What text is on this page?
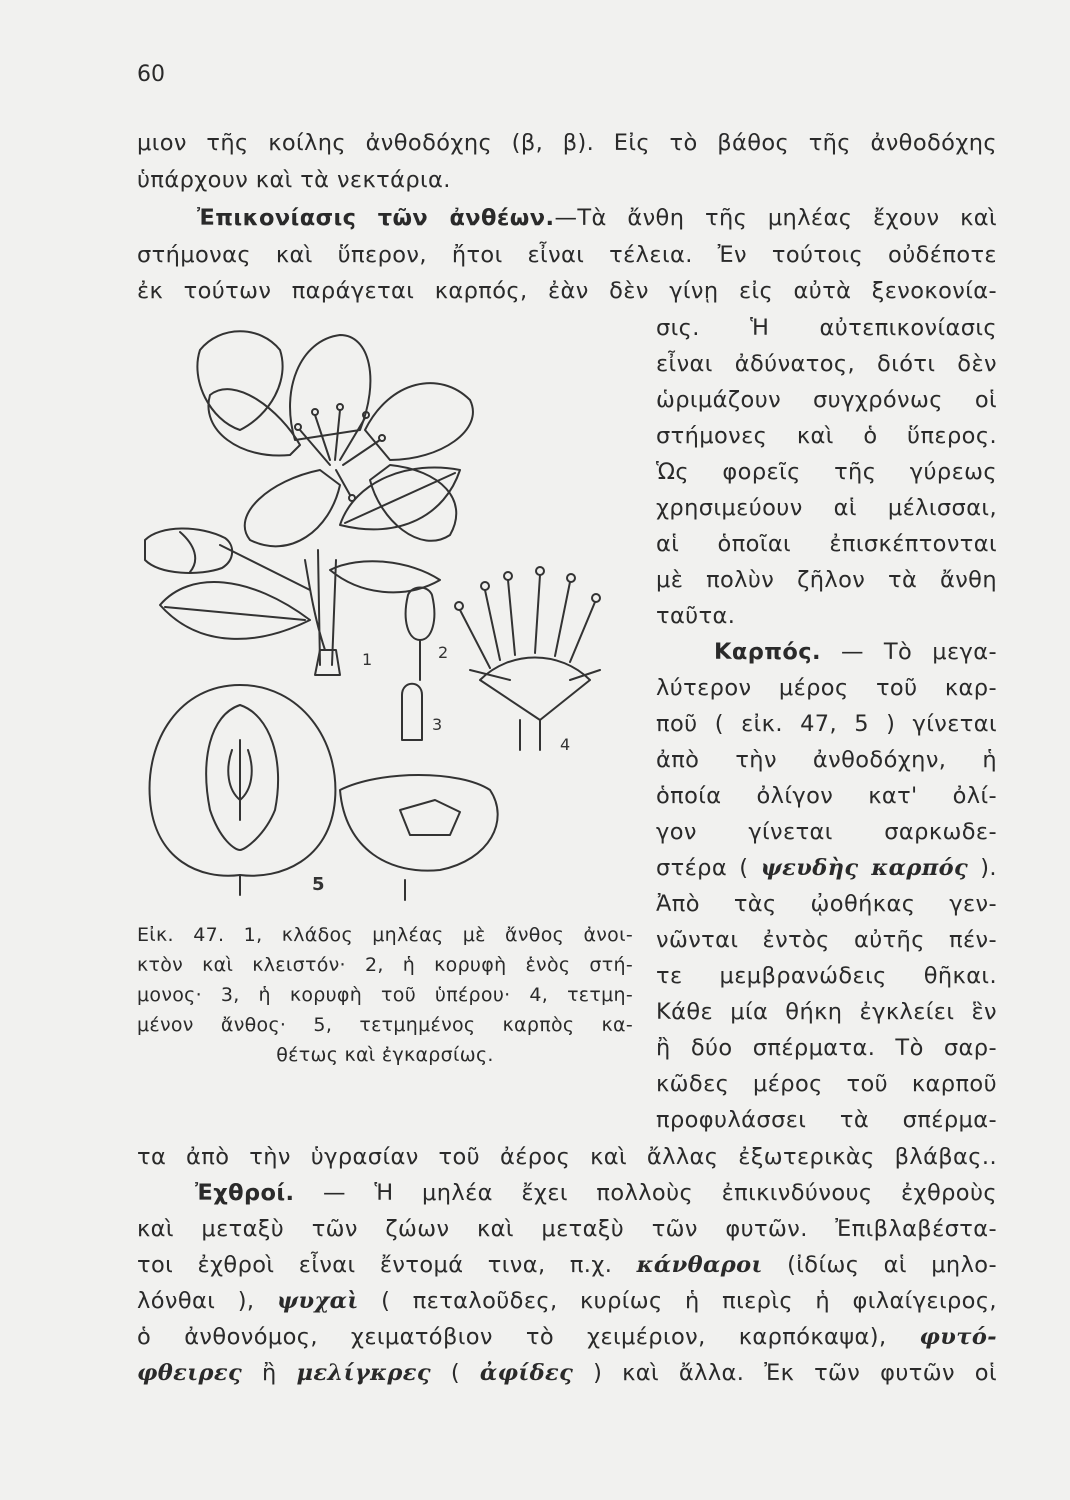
60
μιον τῆς κοίλης ἀνθοδόχης (β, β). Εἰς τὸ βάθος τῆς ἀνθοδόχης
ὑπάρχουν καὶ τὰ νεκτάρια.
Ἐπικονίασις τῶν ἀνθέων.—Τὰ ἄνθη τῆς μηλέας ἔχουν καὶ
στήμονας καὶ ὕπερον, ἤτοι εἶναι τέλεια. Ἐν τούτοις οὐδέποτε
ἐκ τούτων παράγεται καρπός, ἐὰν δὲν γίνῃ εἰς αὐτὰ ξενοκονία-
σις. Ἡ αὐτεπικονίασις
εἶναι ἀδύνατος, διότι δὲν
ὡριμάζουν συγχρόνως οἱ
στήμονες καὶ ὁ ὕπερος.
Ὡς φορεῖς τῆς γύρεως
χρησιμεύουν αἱ μέλισσαι,
αἱ ὁποῖαι ἐπισκέπτονται
μὲ πολὺν ζῆλον τὰ ἄνθη
ταῦτα.
Καρπός. — Τὸ μεγα-
λύτερον μέρος τοῦ καρ-
ποῦ ( εἰκ. 47, 5 ) γίνεται
ἀπὸ τὴν ἀνθοδόχην, ἡ
ὁποία ὀλίγον κατ' ὀλί-
γον γίνεται σαρκωδε-
στέρα ( ψευδὴς καρπός ).
Ἀπὸ τὰς ᾠοθήκας γεν-
νῶνται ἐντὸς αὐτῆς πέν-
τε μεμβρανώδεις θῆκαι.
Κάθε μία θήκη ἐγκλείει ἓν
ἢ δύο σπέρματα. Τὸ σαρ-
κῶδες μέρος τοῦ καρποῦ
προφυλάσσει τὰ σπέρμα-
1	2
3
4
5
Εἰκ. 47. 1, κλάδος μηλέας μὲ ἄνθος ἀνοι-
κτὸν καὶ κλειστόν· 2, ἡ κορυφὴ ἑνὸς στή-
μονος· 3, ἡ κορυφὴ τοῦ ὑπέρου· 4, τετμη-
μένον ἄνθος· 5, τετμημένος καρπὸς κα-
θέτως καὶ ἐγκαρσίως.
τα ἀπὸ τὴν ὑγρασίαν τοῦ ἀέρος καὶ ἄλλας ἐξωτερικὰς βλάβας..
Ἐχθροί. — Ἡ μηλέα ἔχει πολλοὺς ἐπικινδύνους ἐχθροὺς
καὶ μεταξὺ τῶν ζώων καὶ μεταξὺ τῶν φυτῶν. Ἐπιβλαβέστα-
τοι ἐχθροὶ εἶναι ἔντομά τινα, π.χ. κάνθαροι (ἰδίως αἱ μηλο-
λόνθαι ), ψυχαὶ ( πεταλοῦδες, κυρίως ἡ πιερὶς ἡ φιλαίγειρος,
ὁ ἀνθονόμος, χειματόβιον τὸ χειμέριον, καρπόκαψα), φυτό-
φθειρες ἢ μελίγκρες ( ἀφίδες ) καὶ ἄλλα. Ἐκ τῶν φυτῶν οἱ
